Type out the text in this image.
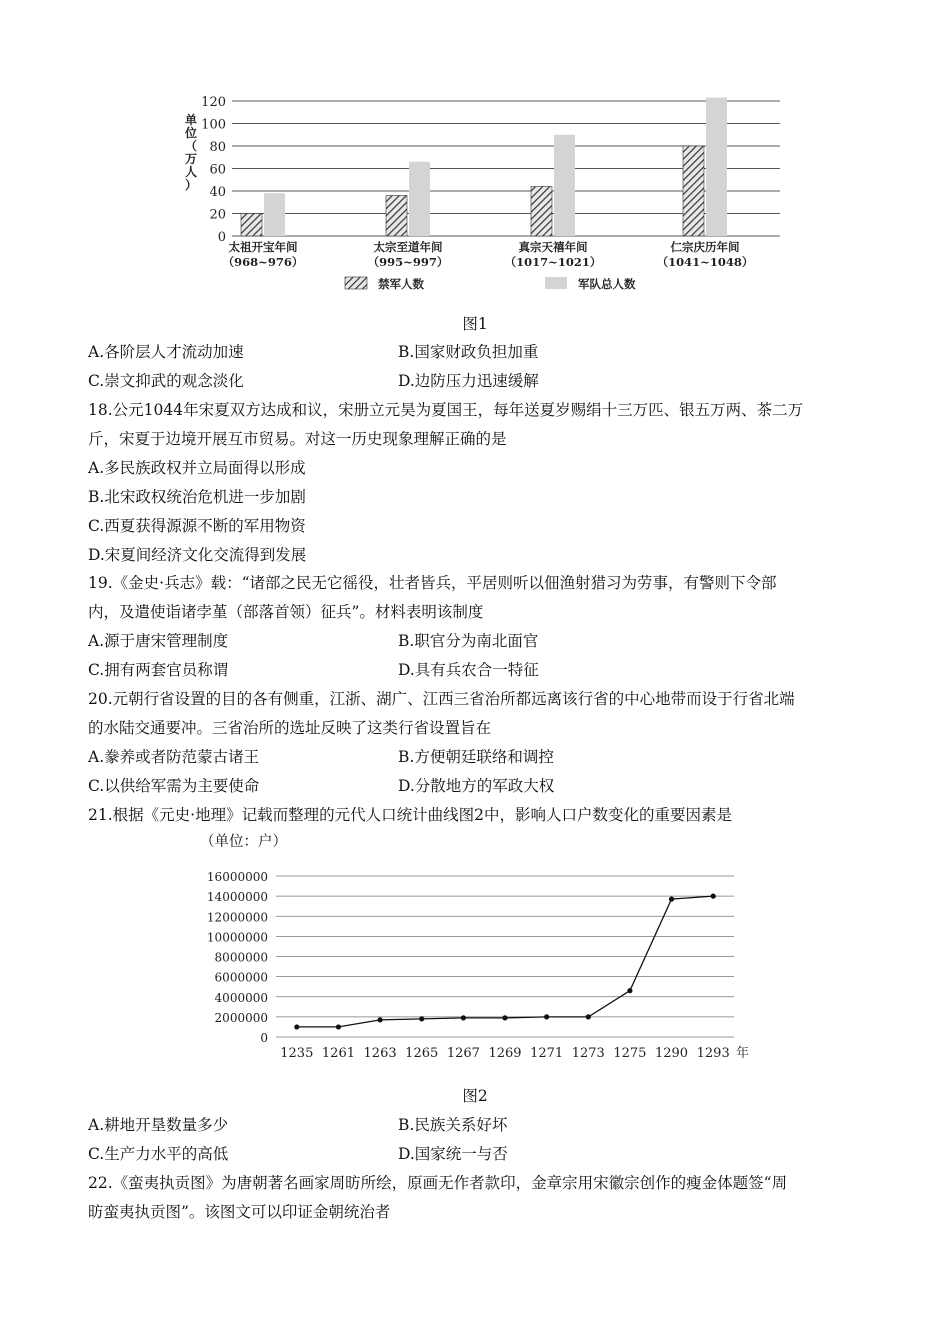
0
20
40
60
80
100
120
太祖开宝年间
（968~976）
太宗至道年间
（995~997）
真宗天禧年间
（1017~1021）
仁宗庆历年间
（1041~1048）
单位（万人）
禁军人数	军队总人数
图1
A.各阶层人才流动加速	B.国家财政负担加重
C.崇文抑武的观念淡化	D.边防压力迅速缓解
18.公元1044年宋夏双方达成和议，宋册立元昊为夏国王，每年送夏岁赐绢十三万匹、银五万两、茶二万
斤，宋夏于边境开展互市贸易。对这一历史现象理解正确的是
A.多民族政权并立局面得以形成
B.北宋政权统治危机进一步加剧
C.西夏获得源源不断的军用物资
D.宋夏间经济文化交流得到发展
19.《金史·兵志》载：“诸部之民无它徭役，壮者皆兵，平居则听以佃渔射猎习为劳事，有警则下令部
内，及遣使诣诸孛堇（部落首领）征兵”。材料表明该制度
A.源于唐宋管理制度	B.职官分为南北面官
C.拥有两套官员称谓	D.具有兵农合一特征
20.元朝行省设置的目的各有侧重，江浙、湖广、江西三省治所都远离该行省的中心地带而设于行省北端
的水陆交通要冲。三省治所的选址反映了这类行省设置旨在
A.豢养或者防范蒙古诸王	B.方便朝廷联络和调控
C.以供给军需为主要使命	D.分散地方的军政大权
21.根据《元史·地理》记载而整理的元代人口统计曲线图2中，影响人口户数变化的重要因素是
（单位：户）
0
2000000
4000000
6000000
8000000
10000000
12000000
14000000
16000000
1235 1261 1263 1265 1267 1269 1271 1273 1275 1290 1293 年
图2
A.耕地开垦数量多少	B.民族关系好坏
C.生产力水平的高低	D.国家统一与否
22.《蛮夷执贡图》为唐朝著名画家周昉所绘，原画无作者款印，金章宗用宋徽宗创作的瘦金体题签“周
昉蛮夷执贡图”。该图文可以印证金朝统治者
